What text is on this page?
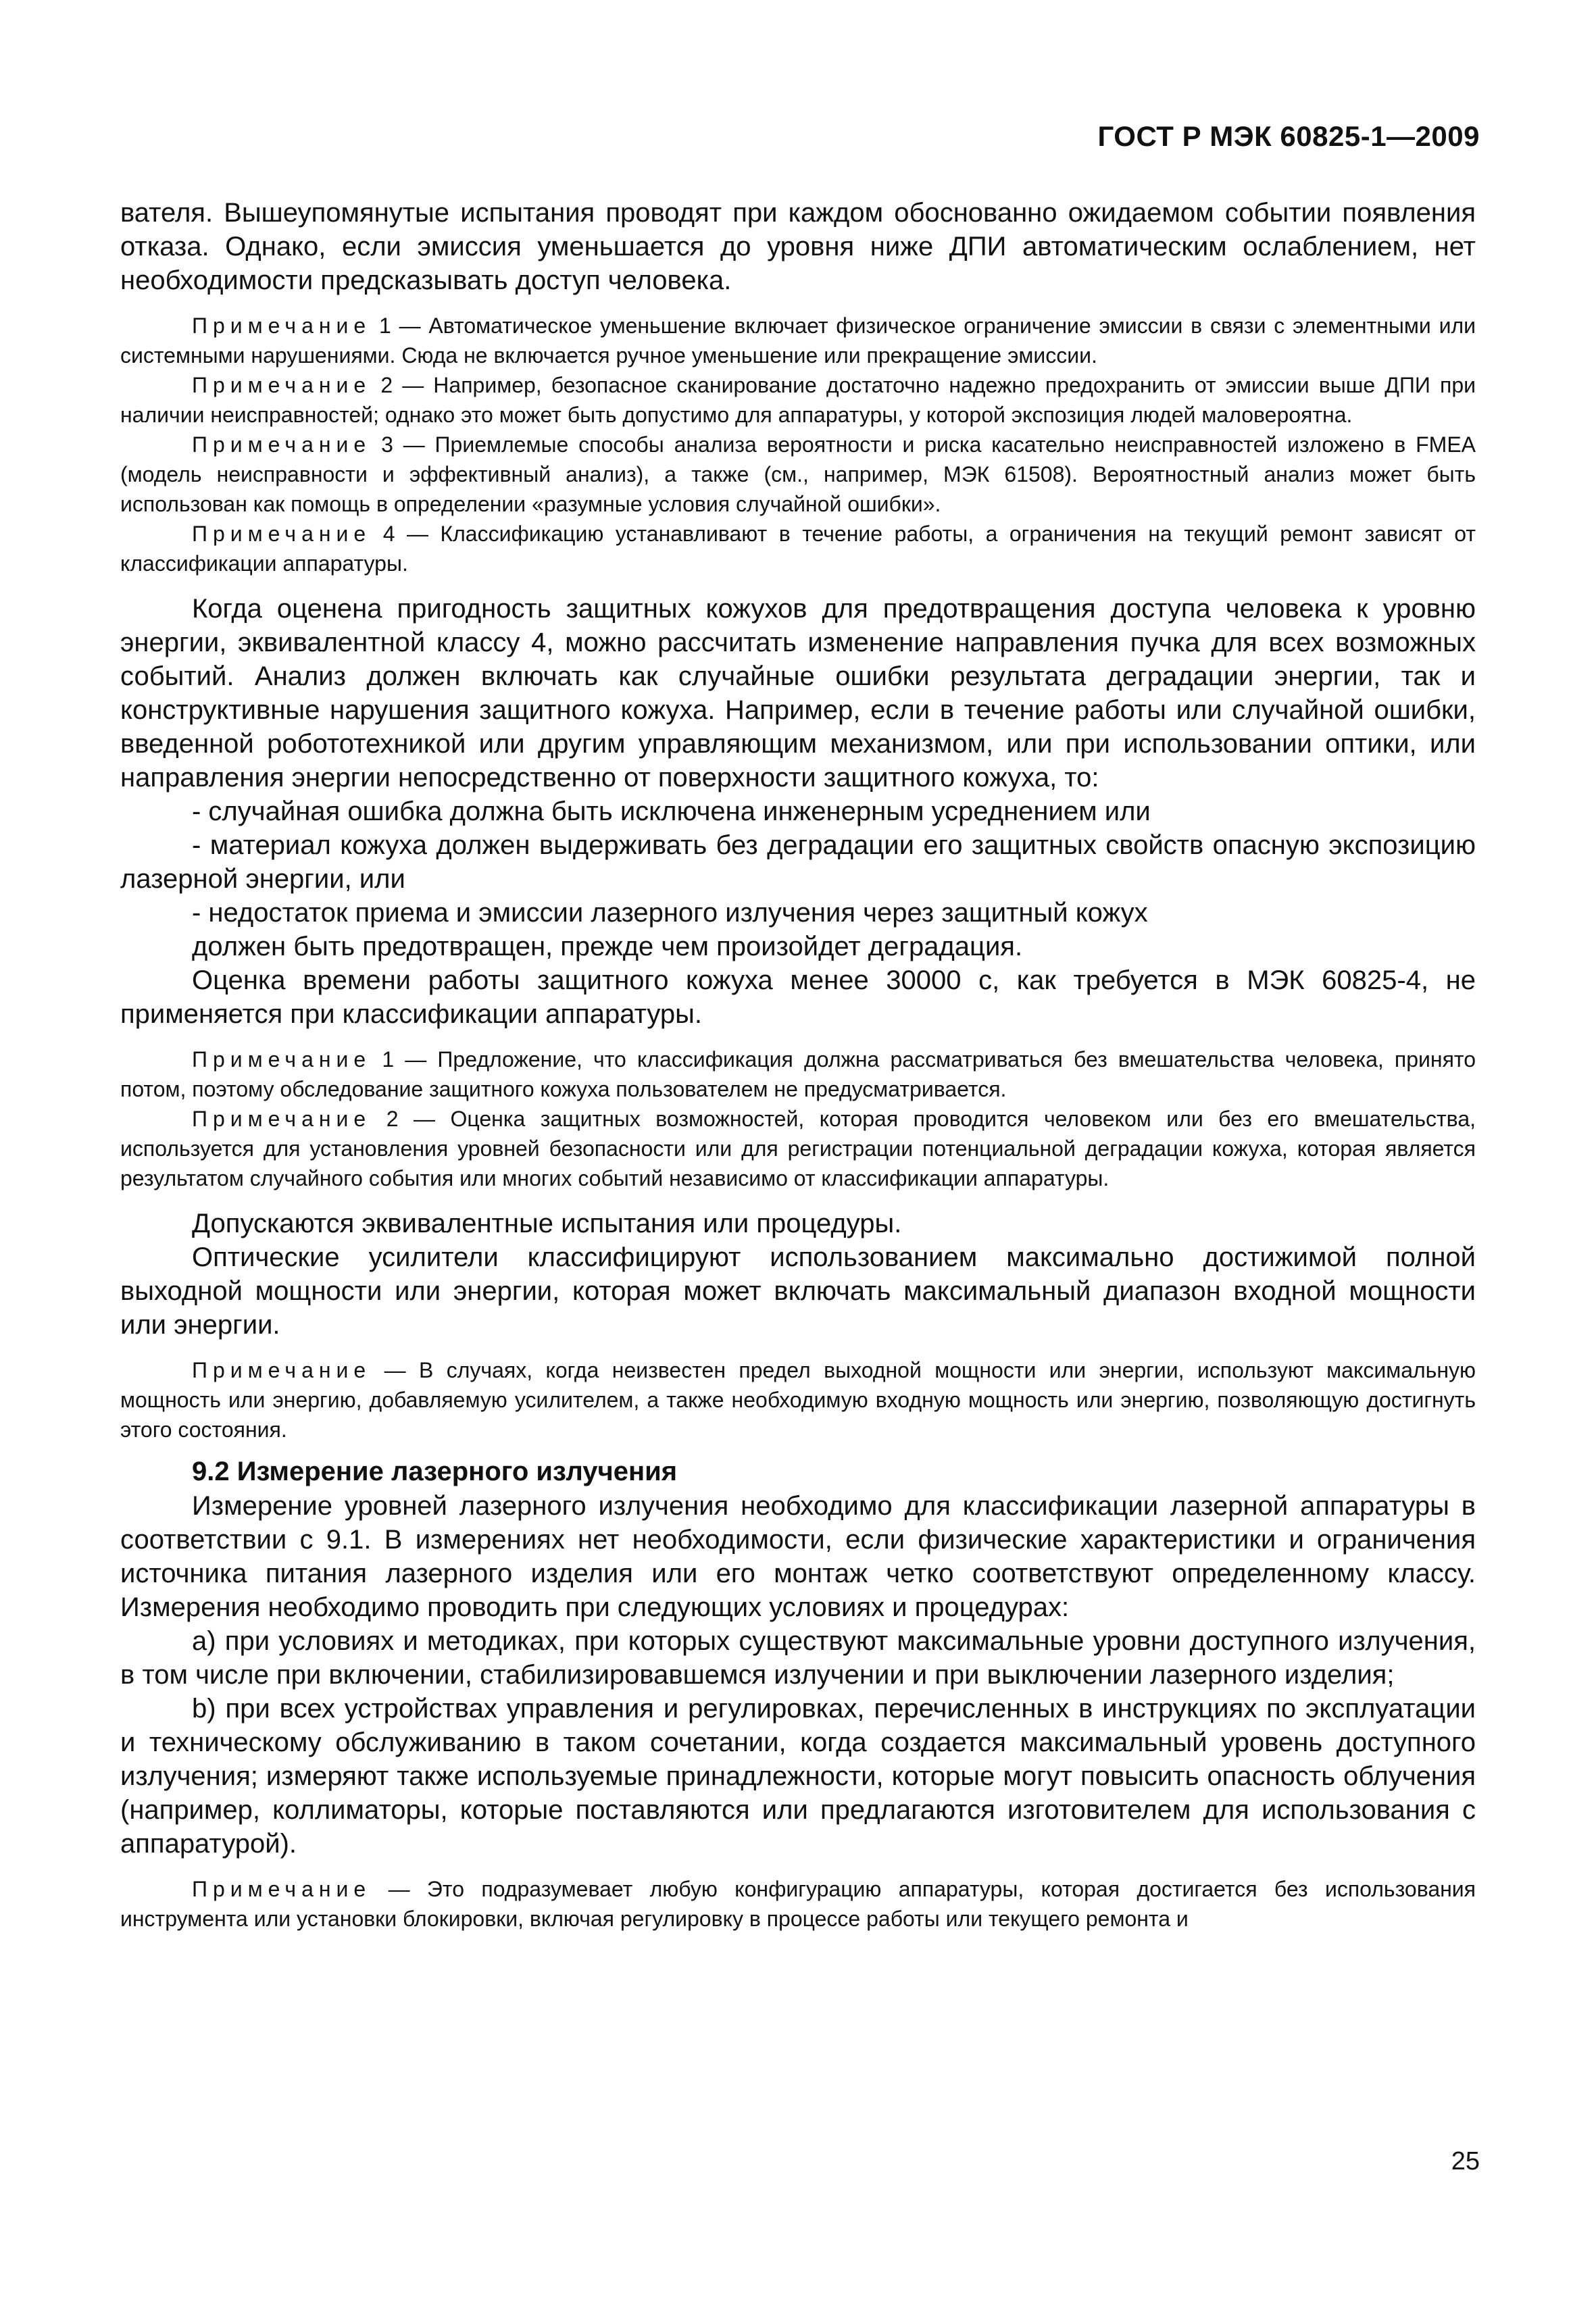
ГОСТ Р МЭК 60825-1—2009

вателя. Вышеупомянутые испытания проводят при каждом обоснованно ожидаемом событии появления отказа. Однако, если эмиссия уменьшается до уровня ниже ДПИ автоматическим ослаблением, нет необходимости предсказывать доступ человека.

Примечание 1 — Автоматическое уменьшение включает физическое ограничение эмиссии в связи с элементными или системными нарушениями. Сюда не включается ручное уменьшение или прекращение эмиссии.

Примечание 2 — Например, безопасное сканирование достаточно надежно предохранить от эмиссии выше ДПИ при наличии неисправностей; однако это может быть допустимо для аппаратуры, у которой экспозиция людей маловероятна.

Примечание 3 — Приемлемые способы анализа вероятности и риска касательно неисправностей изложено в FMEA (модель неисправности и эффективный анализ), а также (см., например, МЭК 61508). Вероятностный анализ может быть использован как помощь в определении «разумные условия случайной ошибки».

Примечание 4 — Классификацию устанавливают в течение работы, а ограничения на текущий ремонт зависят от классификации аппаратуры.

Когда оценена пригодность защитных кожухов для предотвращения доступа человека к уровню энергии, эквивалентной классу 4, можно рассчитать изменение направления пучка для всех возможных событий. Анализ должен включать как случайные ошибки результата деградации энергии, так и конструктивные нарушения защитного кожуха. Например, если в течение работы или случайной ошибки, введенной робототехникой или другим управляющим механизмом, или при использовании оптики, или направления энергии непосредственно от поверхности защитного кожуха, то:

- случайная ошибка должна быть исключена инженерным усреднением или

- материал кожуха должен выдерживать без деградации его защитных свойств опасную экспозицию лазерной энергии, или

- недостаток приема и эмиссии лазерного излучения через защитный кожух

должен быть предотвращен, прежде чем произойдет деградация.

Оценка времени работы защитного кожуха менее 30000 с, как требуется в МЭК 60825-4, не применяется при классификации аппаратуры.

Примечание 1 — Предложение, что классификация должна рассматриваться без вмешательства человека, принято потом, поэтому обследование защитного кожуха пользователем не предусматривается.

Примечание 2 — Оценка защитных возможностей, которая проводится человеком или без его вмешательства, используется для установления уровней безопасности или для регистрации потенциальной деградации кожуха, которая является результатом случайного события или многих событий независимо от классификации аппаратуры.

Допускаются эквивалентные испытания или процедуры.

Оптические усилители классифицируют использованием максимально достижимой полной выходной мощности или энергии, которая может включать максимальный диапазон входной мощности или энергии.

Примечание — В случаях, когда неизвестен предел выходной мощности или энергии, используют максимальную мощность или энергию, добавляемую усилителем, а также необходимую входную мощность или энергию, позволяющую достигнуть этого состояния.

9.2 Измерение лазерного излучения

Измерение уровней лазерного излучения необходимо для классификации лазерной аппаратуры в соответствии с 9.1. В измерениях нет необходимости, если физические характеристики и ограничения источника питания лазерного изделия или его монтаж четко соответствуют определенному классу. Измерения необходимо проводить при следующих условиях и процедурах:

a) при условиях и методиках, при которых существуют максимальные уровни доступного излучения, в том числе при включении, стабилизировавшемся излучении и при выключении лазерного изделия;

b) при всех устройствах управления и регулировках, перечисленных в инструкциях по эксплуатации и техническому обслуживанию в таком сочетании, когда создается максимальный уровень доступного излучения; измеряют также используемые принадлежности, которые могут повысить опасность облучения (например, коллиматоры, которые поставляются или предлагаются изготовителем для использования с аппаратурой).

Примечание — Это подразумевает любую конфигурацию аппаратуры, которая достигается без использования инструмента или установки блокировки, включая регулировку в процессе работы или текущего ремонта и

25
